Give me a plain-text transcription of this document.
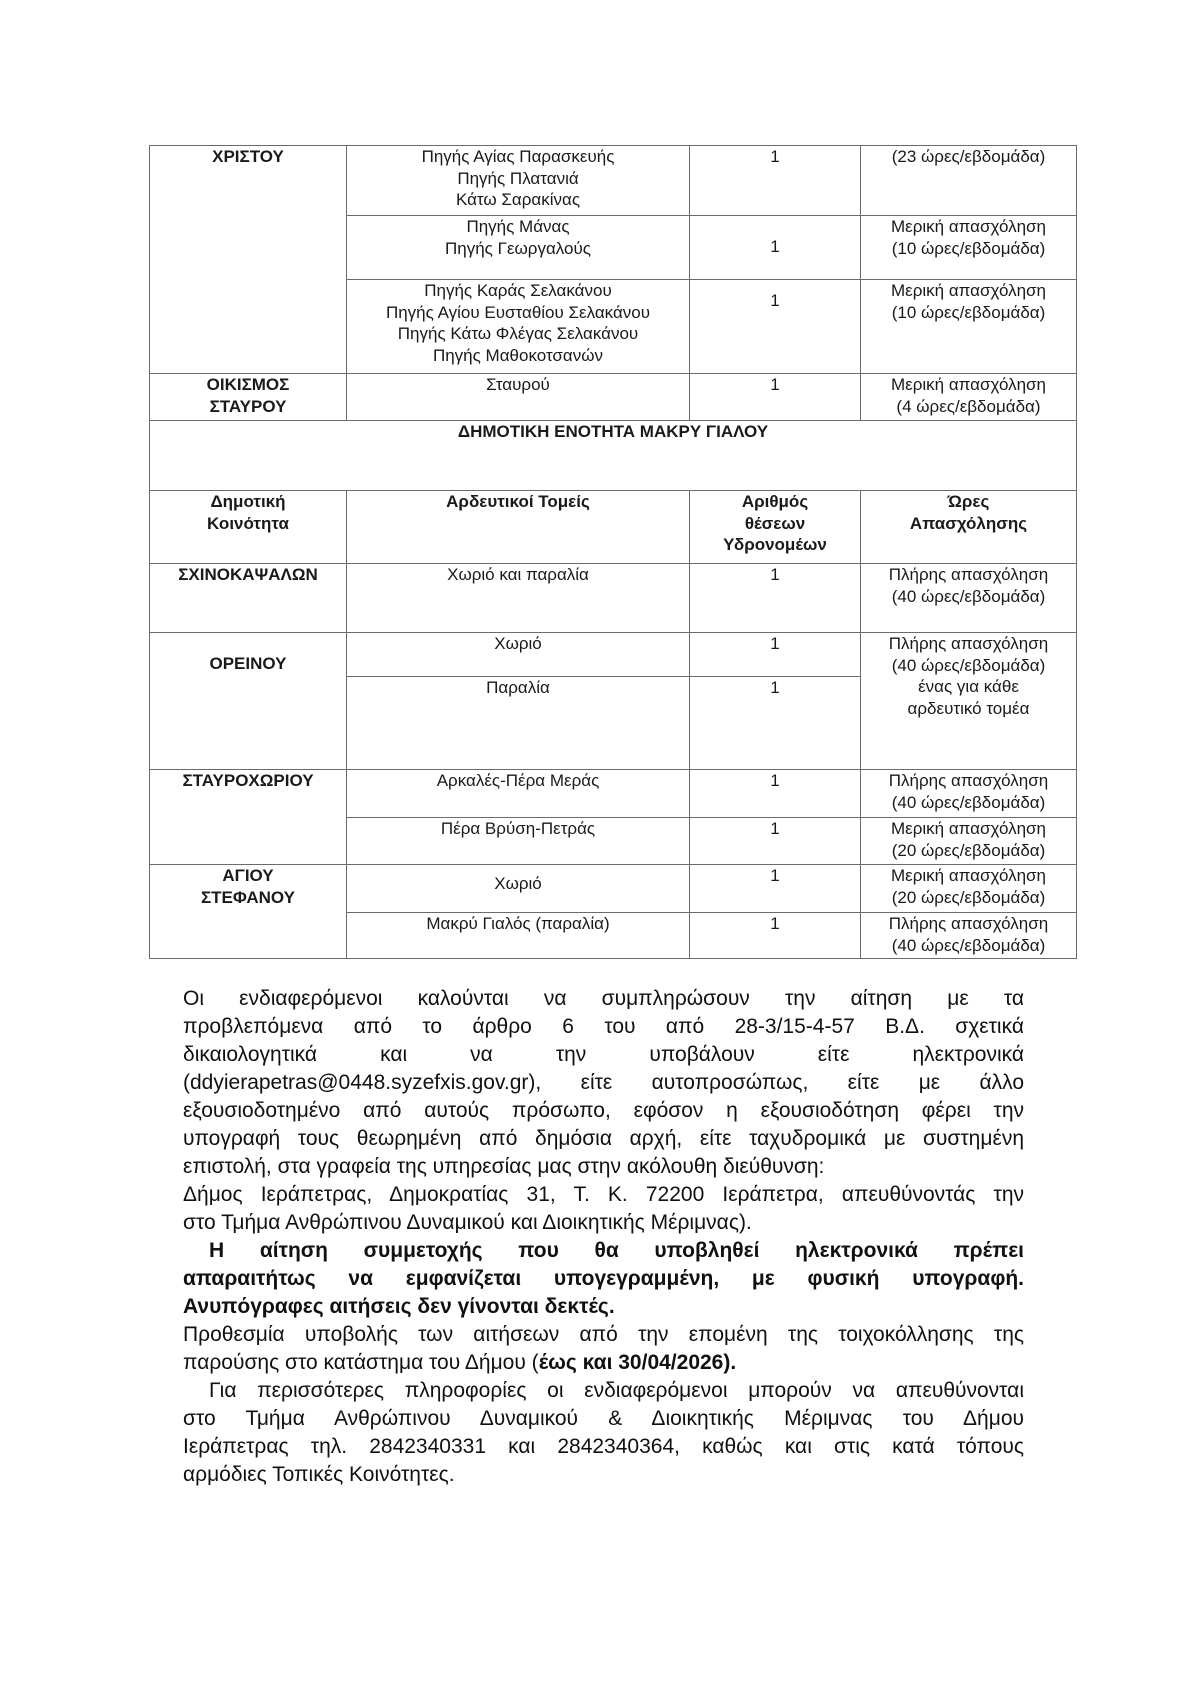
ΧΡΙΣΤΟΥ	Πηγής Αγίας Παρασκευής
Πηγής Πλατανιά
Κάτω Σαρακίνας	1	(23 ώρες/εβδομάδα)

	Πηγής Μάνας
Πηγής Γεωργαλούς	1	Μερική απασχόληση
(10 ώρες/εβδομάδα)

	Πηγής Καράς Σελακάνου
Πηγής Αγίου Ευσταθίου Σελακάνου
Πηγής Κάτω Φλέγας Σελακάνου
Πηγής Μαθοκοτσανών	1	Μερική απασχόληση
(10 ώρες/εβδομάδα)

ΟΙΚΙΣΜΟΣ
ΣΤΑΥΡΟΥ	Σταυρού	1	Μερική απασχόληση
(4 ώρες/εβδομάδα)

ΔΗΜΟΤΙΚΗ ΕΝΟΤΗΤΑ ΜΑΚΡΥ ΓΙΑΛΟΥ			

Δημοτική
Κοινότητα	Αρδευτικοί Τομείς	Αριθμός
θέσεων
Υδρονομέων	Ώρες
Απασχόλησης

ΣΧΙΝΟΚΑΨΑΛΩΝ	Χωριό και παραλία	1	Πλήρης απασχόληση
(40 ώρες/εβδομάδα)

ΟΡΕΙΝΟΥ	Χωριό	1	Πλήρης απασχόληση
(40 ώρες/εβδομάδα)
ένας για κάθε
αρδευτικό τομέα

	Παραλία	1	
ΣΤΑΥΡΟΧΩΡΙΟΥ	Αρκαλές-Πέρα Μεράς	1	Πλήρης απασχόληση
(40 ώρες/εβδομάδα)

	Πέρα Βρύση-Πετράς	1	Μερική απασχόληση
(20 ώρες/εβδομάδα)

ΑΓΙΟΥ
ΣΤΕΦΑΝΟΥ	Χωριό	1	Μερική απασχόληση
(20 ώρες/εβδομάδα)

	Μακρύ Γιαλός (παραλία)	1	Πλήρης απασχόληση
(40 ώρες/εβδομάδα)

Οι ενδιαφερόμενοι καλούνται να συμπληρώσουν την αίτηση με τα

προβλεπόμενα από το άρθρο 6 του από 28-3/15-4-57 Β.Δ. σχετικά

δικαιολογητικά και να την υποβάλουν είτε ηλεκτρονικά

(ddyierapetras@0448.syzefxis.gov.gr), είτε αυτοπροσώπως, είτε με άλλο

εξουσιοδοτημένο από αυτούς πρόσωπο, εφόσον η εξουσιοδότηση φέρει την

υπογραφή τους θεωρημένη από δημόσια αρχή, είτε ταχυδρομικά με συστημένη

επιστολή, στα γραφεία της υπηρεσίας μας στην ακόλουθη διεύθυνση:

Δήμος Ιεράπετρας, Δημοκρατίας 31, Τ. Κ. 72200 Ιεράπετρα, απευθύνοντάς την

στο Τμήμα Ανθρώπινου Δυναμικού και Διοικητικής Μέριμνας).

Η αίτηση συμμετοχής που θα υποβληθεί ηλεκτρονικά πρέπει

απαραιτήτως να εμφανίζεται υπογεγραμμένη, με φυσική υπογραφή.

Ανυπόγραφες αιτήσεις δεν γίνονται δεκτές.

Προθεσμία υποβολής των αιτήσεων από την επομένη της τοιχοκόλλησης της

παρούσης στο κατάστημα του Δήμου (έως και 30/04/2026).

Για περισσότερες πληροφορίες οι ενδιαφερόμενοι μπορούν να απευθύνονται

στο Τμήμα Ανθρώπινου Δυναμικού & Διοικητικής Μέριμνας του Δήμου

Ιεράπετρας τηλ. 2842340331 και 2842340364, καθώς και στις κατά τόπους

αρμόδιες Τοπικές Κοινότητες.
